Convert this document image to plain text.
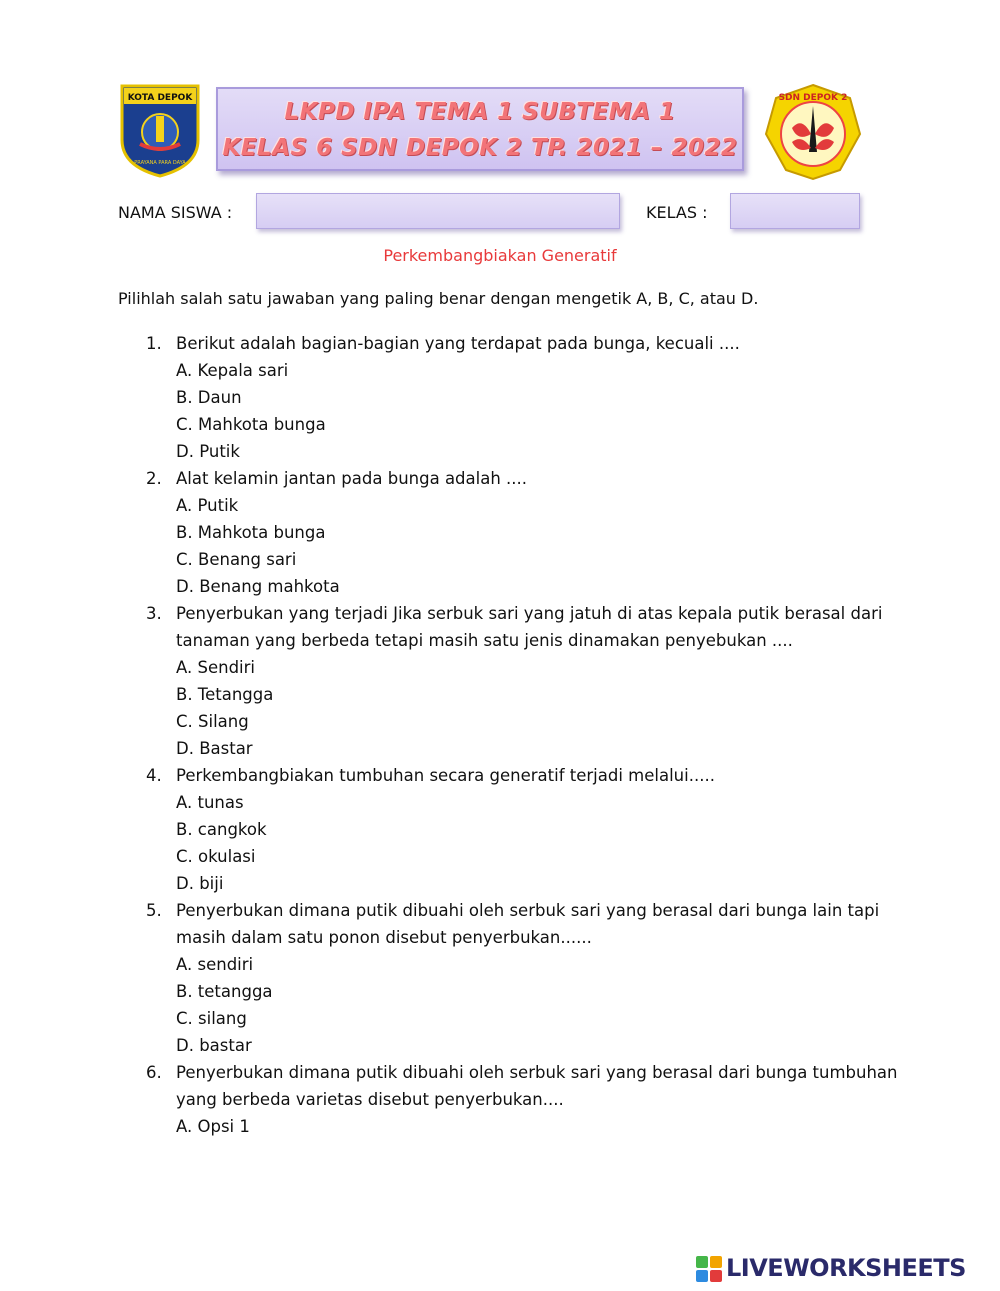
KOTA DEPOK
PRAYANA PARA DAYA
LKPD IPA TEMA 1 SUBTEMA 1
KELAS 6 SDN DEPOK 2 TP. 2021 – 2022
SDN DEPOK 2
NAMA SISWA :	KELAS :
Perkembangbiakan Generatif
Pilihlah salah satu jawaban yang paling benar dengan mengetik A, B, C, atau D.
1. Berikut adalah bagian-bagian yang terdapat pada bunga, kecuali ....
A. Kepala sari
B. Daun
C. Mahkota bunga
D. Putik
2. Alat kelamin jantan pada bunga adalah ....
A. Putik
B. Mahkota bunga
C. Benang sari
D. Benang mahkota
3. Penyerbukan yang terjadi Jika serbuk sari yang jatuh di atas kepala putik berasal dari tanaman yang berbeda tetapi masih satu jenis dinamakan penyebukan ....
A. Sendiri
B. Tetangga
C. Silang
D. Bastar
4. Perkembangbiakan tumbuhan secara generatif terjadi melalui.....
A. tunas
B. cangkok
C. okulasi
D. biji
5. Penyerbukan dimana putik dibuahi oleh serbuk sari yang berasal dari bunga lain tapi masih dalam satu ponon disebut penyerbukan......
A. sendiri
B. tetangga
C. silang
D. bastar
6. Penyerbukan dimana putik dibuahi oleh serbuk sari yang berasal dari bunga tumbuhan yang berbeda varietas disebut penyerbukan....
A. Opsi 1
LIVEWORKSHEETS
